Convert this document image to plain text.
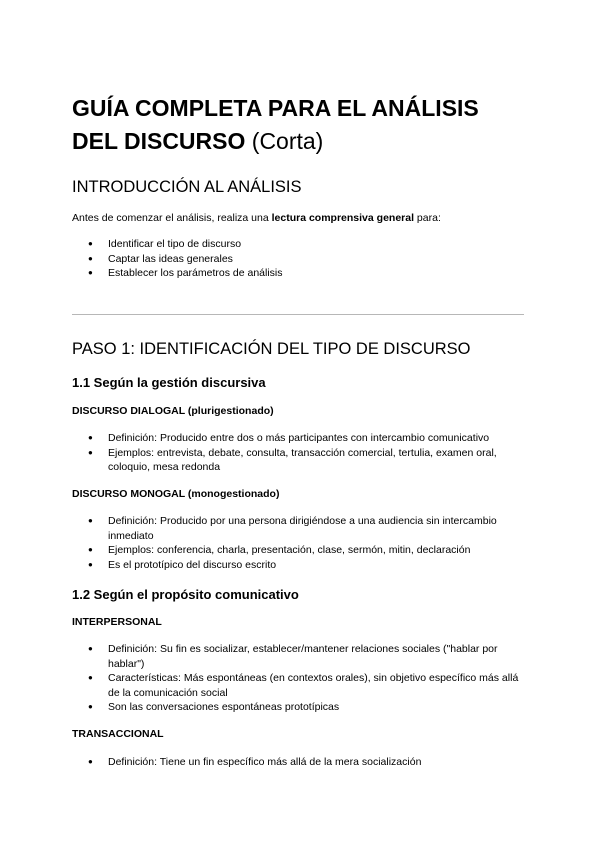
GUÍA COMPLETA PARA EL ANÁLISIS DEL DISCURSO (Corta)
INTRODUCCIÓN AL ANÁLISIS
Antes de comenzar el análisis, realiza una lectura comprensiva general para:
● Identificar el tipo de discurso
● Captar las ideas generales
● Establecer los parámetros de análisis
PASO 1: IDENTIFICACIÓN DEL TIPO DE DISCURSO
1.1 Según la gestión discursiva
DISCURSO DIALOGAL (plurigestionado)
● Definición: Producido entre dos o más participantes con intercambio comunicativo
● Ejemplos: entrevista, debate, consulta, transacción comercial, tertulia, examen oral, coloquio, mesa redonda
DISCURSO MONOGAL (monogestionado)
● Definición: Producido por una persona dirigiéndose a una audiencia sin intercambio inmediato
● Ejemplos: conferencia, charla, presentación, clase, sermón, mitin, declaración
● Es el prototípico del discurso escrito
1.2 Según el propósito comunicativo
INTERPERSONAL
● Definición: Su fin es socializar, establecer/mantener relaciones sociales ("hablar por hablar")
● Características: Más espontáneas (en contextos orales), sin objetivo específico más allá de la comunicación social
● Son las conversaciones espontáneas prototípicas
TRANSACCIONAL
● Definición: Tiene un fin específico más allá de la mera socialización
